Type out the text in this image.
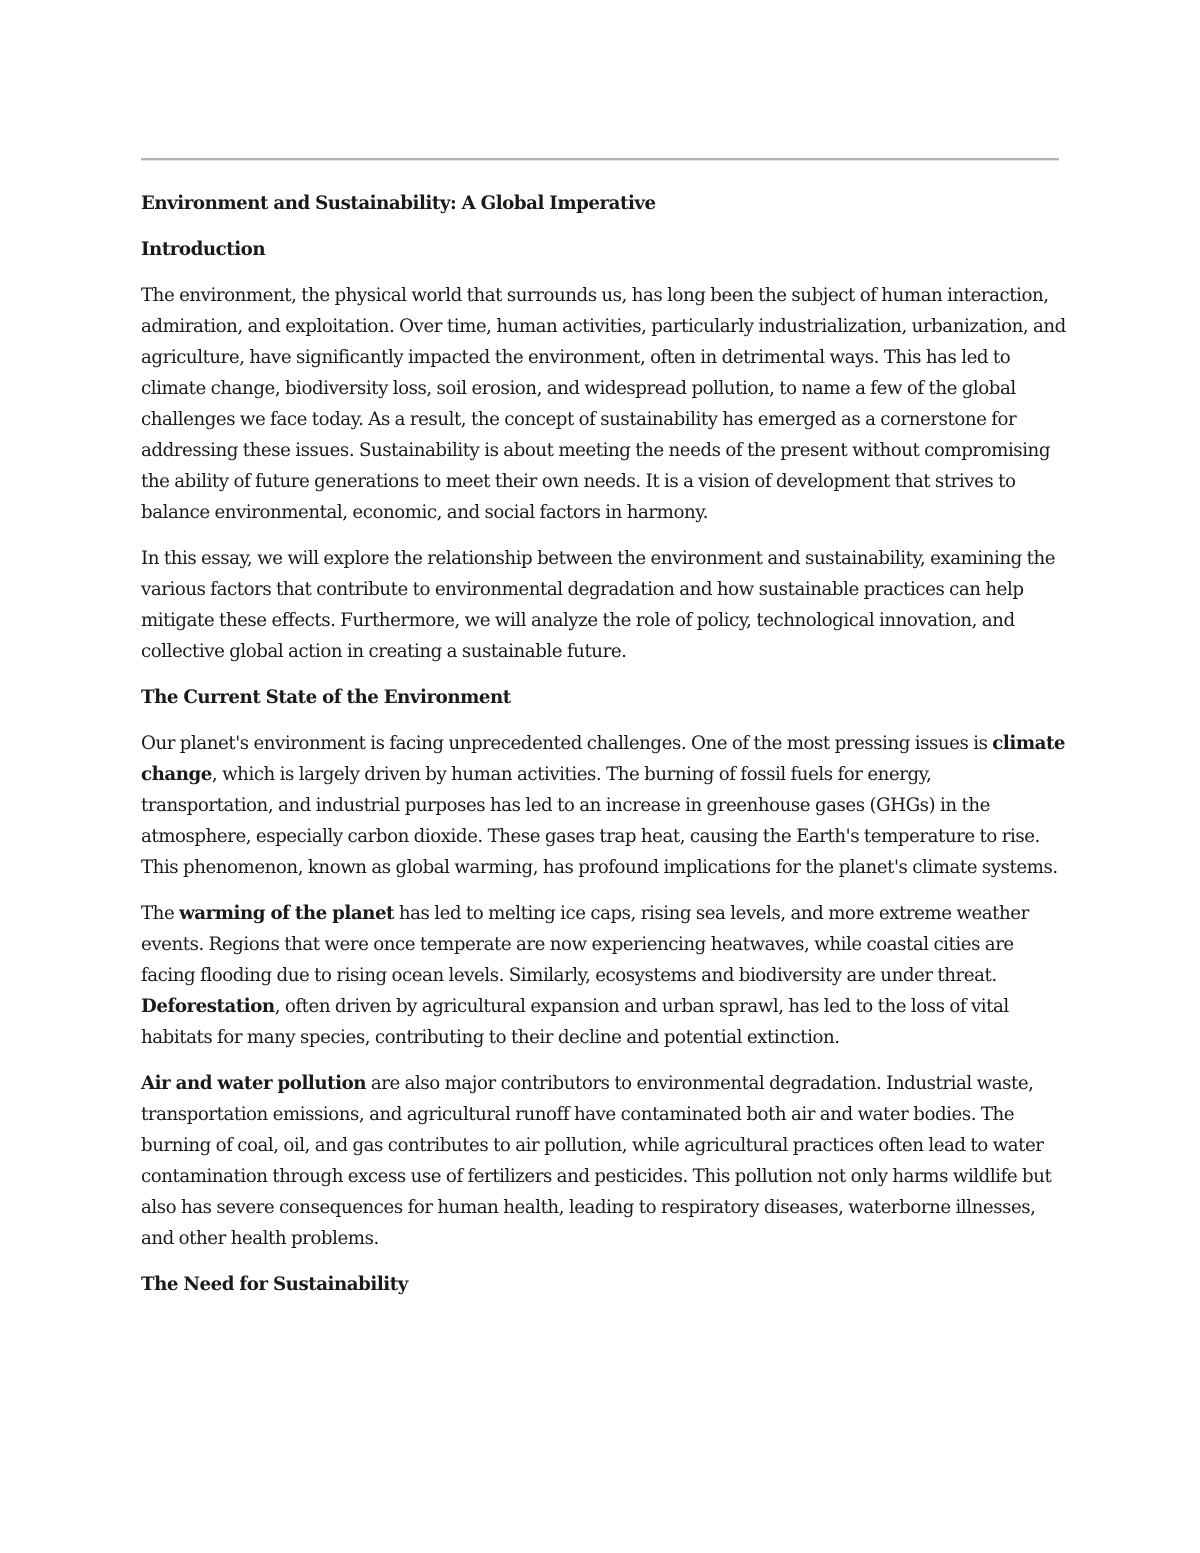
Environment and Sustainability: A Global Imperative
Introduction

The environment, the physical world that surrounds us, has long been the subject of human interaction, admiration, and exploitation. Over time, human activities, particularly industrialization, urbanization, and agriculture, have significantly impacted the environment, often in detrimental ways. This has led to climate change, biodiversity loss, soil erosion, and widespread pollution, to name a few of the global challenges we face today. As a result, the concept of sustainability has emerged as a cornerstone for addressing these issues. Sustainability is about meeting the needs of the present without compromising the ability of future generations to meet their own needs. It is a vision of development that strives to balance environmental, economic, and social factors in harmony.

In this essay, we will explore the relationship between the environment and sustainability, examining the various factors that contribute to environmental degradation and how sustainable practices can help mitigate these effects. Furthermore, we will analyze the role of policy, technological innovation, and collective global action in creating a sustainable future.

The Current State of the Environment

Our planet's environment is facing unprecedented challenges. One of the most pressing issues is climate change, which is largely driven by human activities. The burning of fossil fuels for energy, transportation, and industrial purposes has led to an increase in greenhouse gases (GHGs) in the atmosphere, especially carbon dioxide. These gases trap heat, causing the Earth's temperature to rise. This phenomenon, known as global warming, has profound implications for the planet's climate systems.

The warming of the planet has led to melting ice caps, rising sea levels, and more extreme weather events. Regions that were once temperate are now experiencing heatwaves, while coastal cities are facing flooding due to rising ocean levels. Similarly, ecosystems and biodiversity are under threat. Deforestation, often driven by agricultural expansion and urban sprawl, has led to the loss of vital habitats for many species, contributing to their decline and potential extinction.

Air and water pollution are also major contributors to environmental degradation. Industrial waste, transportation emissions, and agricultural runoff have contaminated both air and water bodies. The burning of coal, oil, and gas contributes to air pollution, while agricultural practices often lead to water contamination through excess use of fertilizers and pesticides. This pollution not only harms wildlife but also has severe consequences for human health, leading to respiratory diseases, waterborne illnesses, and other health problems.

The Need for Sustainability
